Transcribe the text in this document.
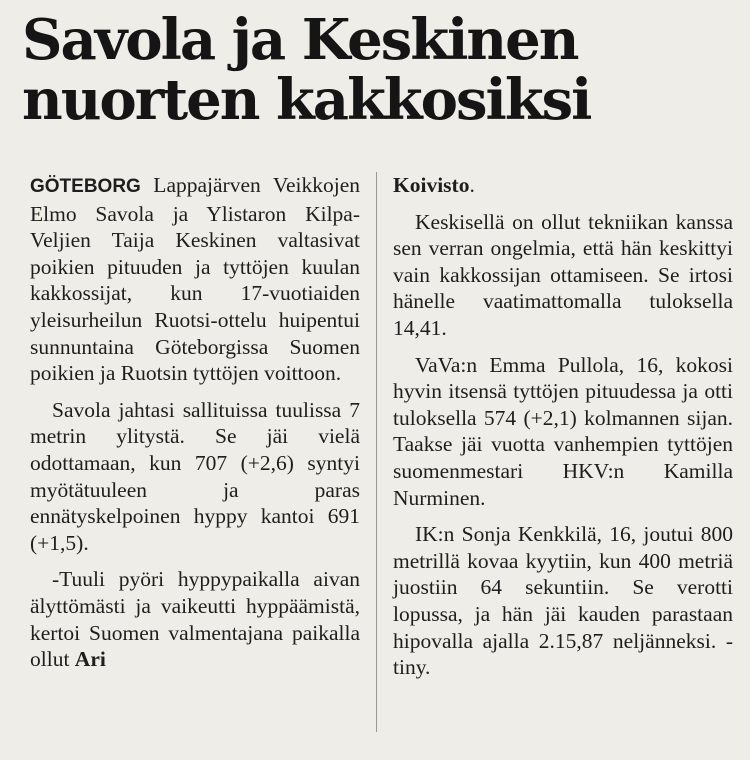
Savola ja Keskinen
nuorten kakkosiksi

GÖTEBORG Lappajärven Veikkojen Elmo Savola ja Ylistaron Kilpa-Veljien Taija Keskinen valtasivat poikien pituuden ja tyttöjen kuulan kakkossijat, kun 17-vuotiaiden yleisurheilun Ruotsi-ottelu huipentui sunnuntaina Göteborgissa Suomen poikien ja Ruotsin tyttöjen voittoon.

Savola jahtasi sallituissa tuulissa 7 metrin ylitystä. Se jäi vielä odottamaan, kun 707 (+2,6) syntyi myötätuuleen ja paras ennätyskelpoinen hyppy kantoi 691 (+1,5).

-Tuuli pyöri hyppypaikalla aivan älyttömästi ja vaikeutti hyppäämistä, kertoi Suomen valmentajana paikalla ollut Ari

Koivisto.

Keskisellä on ollut tekniikan kanssa sen verran ongelmia, että hän keskittyi vain kakkossijan ottamiseen. Se irtosi hänelle vaatimattomalla tuloksella 14,41.

VaVa:n Emma Pullola, 16, kokosi hyvin itsensä tyttöjen pituudessa ja otti tuloksella 574 (+2,1) kolmannen sijan. Taakse jäi vuotta vanhempien tyttöjen suomenmestari HKV:n Kamilla Nurminen.

IK:n Sonja Kenkkilä, 16, joutui 800 metrillä kovaa kyytiin, kun 400 metriä juostiin 64 sekuntiin. Se verotti lopussa, ja hän jäi kauden parastaan hipovalla ajalla 2.15,87 neljänneksi. -tiny.
